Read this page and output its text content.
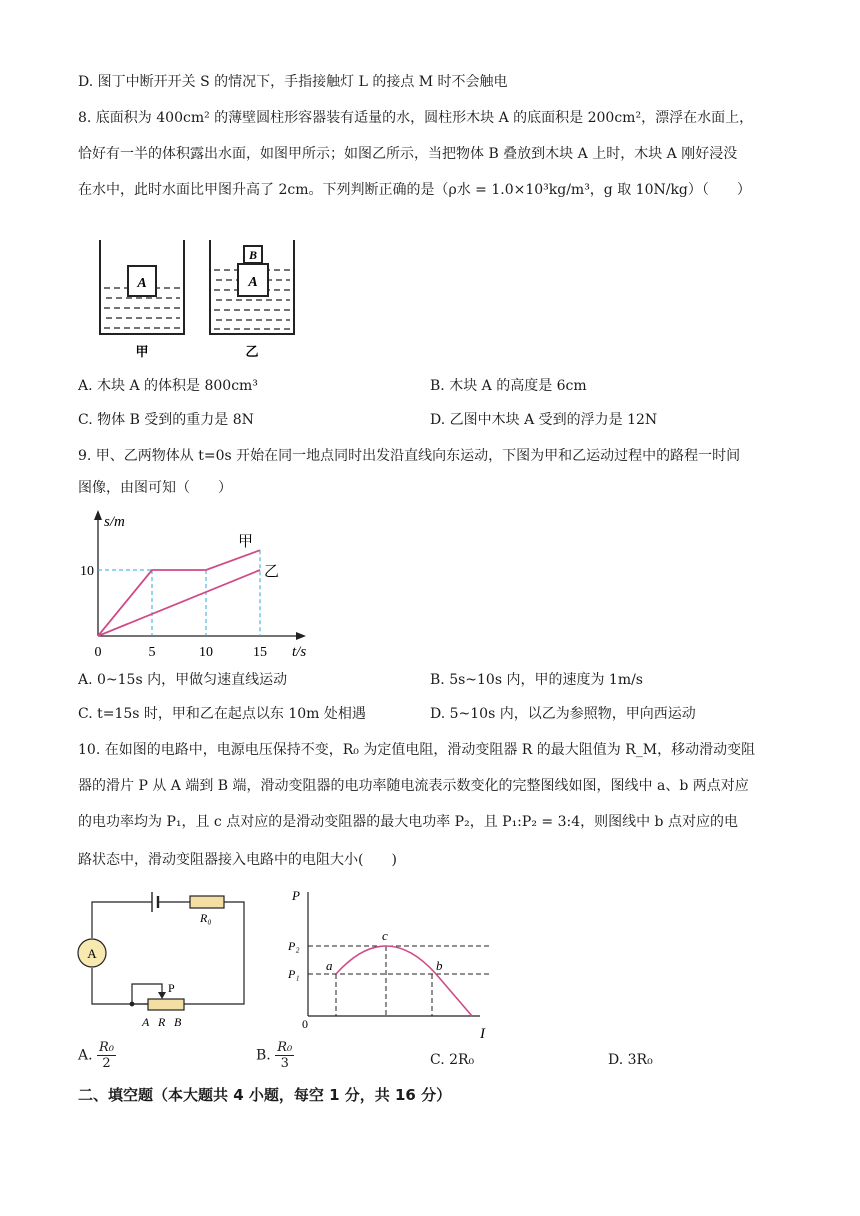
D. 图丁中断开开关 S 的情况下，手指接触灯 L 的接点 M 时不会触电
8. 底面积为 400cm² 的薄壁圆柱形容器装有适量的水，圆柱形木块 A 的底面积是 200cm²，漂浮在水面上，
恰好有一半的体积露出水面，如图甲所示；如图乙所示，当把物体 B 叠放到木块 A 上时，木块 A 刚好浸没
在水中，此时水面比甲图升高了 2cm。下列判断正确的是（ρ水 = 1.0×10³kg/m³，g 取 10N/kg）（　　）
A
甲
A
B
乙
A. 木块 A 的体积是 800cm³	B. 木块 A 的高度是 6cm
C. 物体 B 受到的重力是 8N	D. 乙图中木块 A 受到的浮力是 12N
9. 甲、乙两物体从 t=0s 开始在同一地点同时出发沿直线向东运动，下图为甲和乙运动过程中的路程一时间
图像，由图可知（　　）
s/m
t/s
0	5	10	15
10
甲
乙
A. 0~15s 内，甲做匀速直线运动	B. 5s~10s 内，甲的速度为 1m/s
C. t=15s 时，甲和乙在起点以东 10m 处相遇	D. 5~10s 内，以乙为参照物，甲向西运动
10. 在如图的电路中，电源电压保持不变，R₀ 为定值电阻，滑动变阻器 R 的最大阻值为 R_M，移动滑动变阻
器的滑片 P 从 A 端到 B 端，滑动变阻器的电功率随电流表示数变化的完整图线如图，图线中 a、b 两点对应
的电功率均为 P₁，且 c 点对应的是滑动变阻器的最大电功率 P₂，且 P₁:P₂ = 3:4，则图线中 b 点对应的电
路状态中，滑动变阻器接入电路中的电阻大小(　　)
R₀
A
P
A R B
P
I
0
P₂
P₁
a
c
b
A. $\frac{\text{R₀}}{2}$	B. $\frac{\text{R₀}}{3}$	C. 2R₀	D. 3R₀
二、填空题（本大题共 4 小题，每空 1 分，共 16 分）
